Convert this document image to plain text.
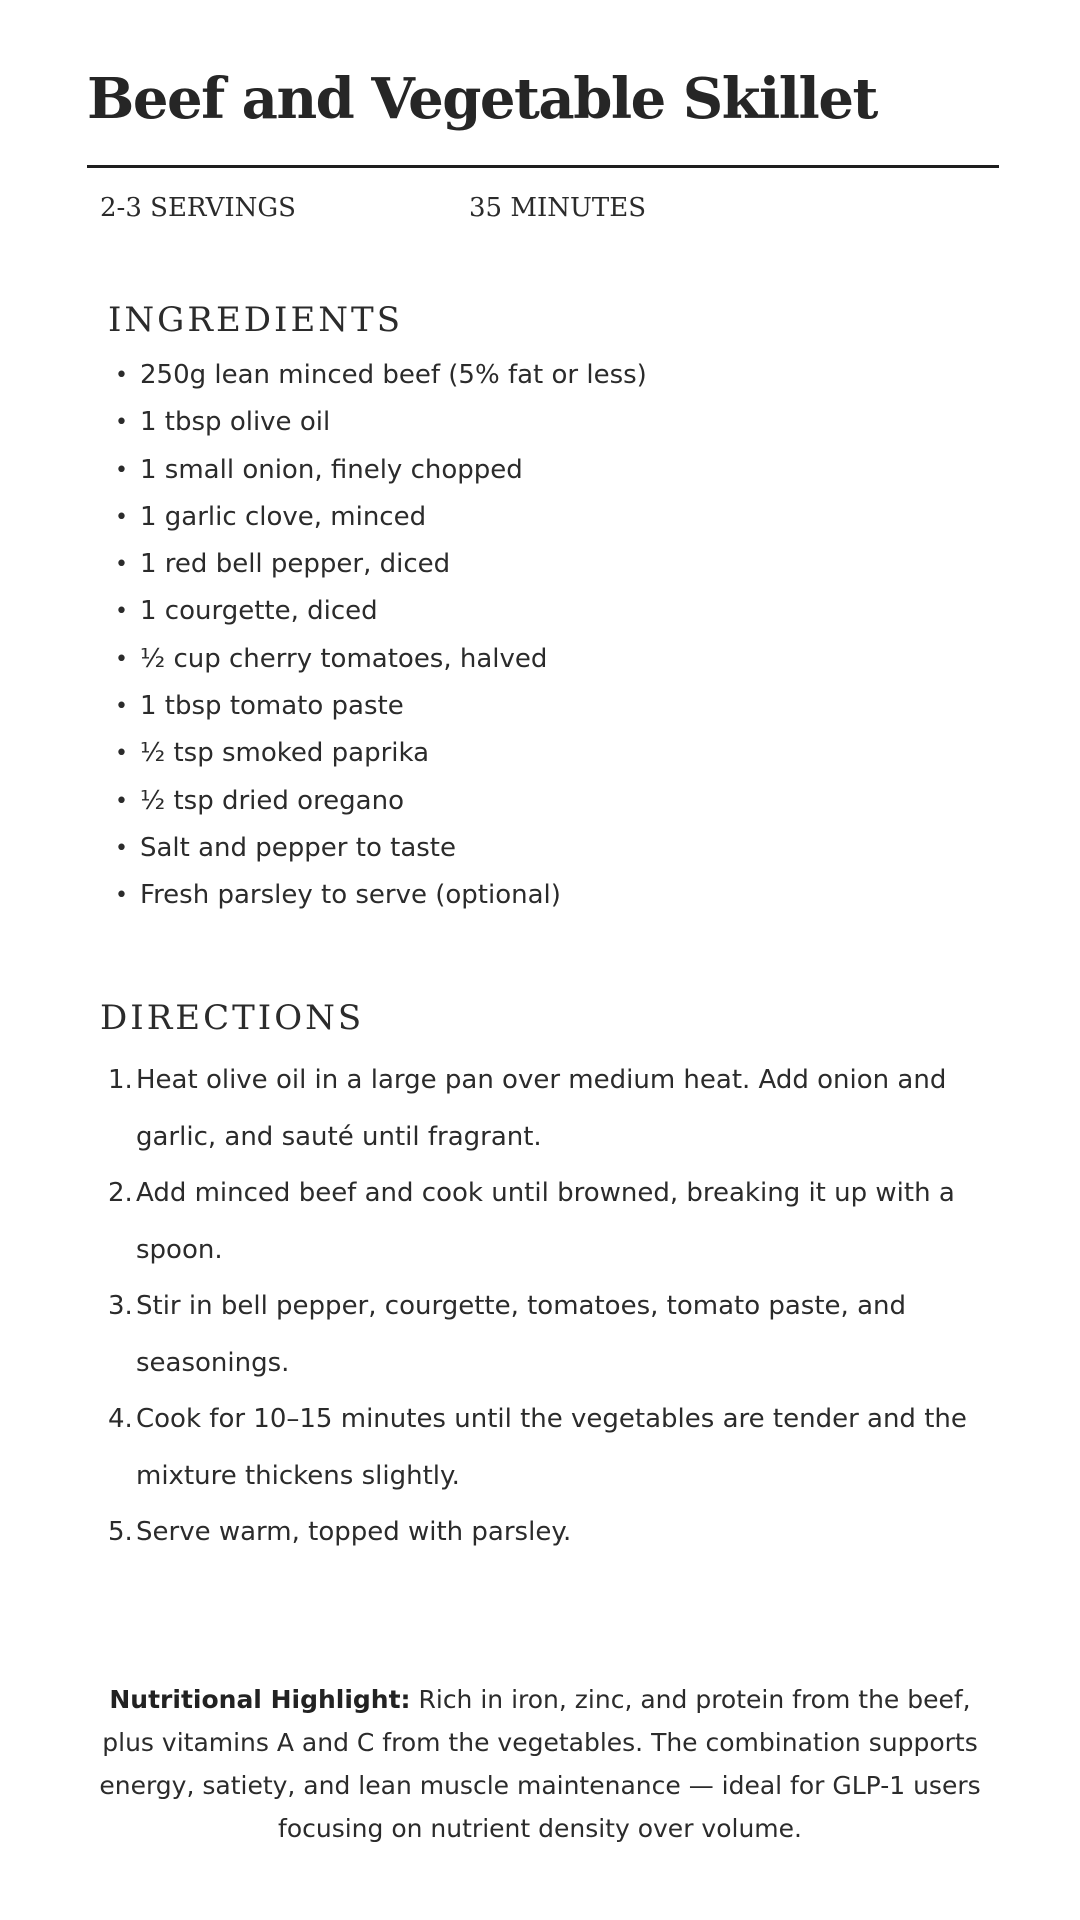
Beef and Vegetable Skillet
2-3 SERVINGS	35 MINUTES
INGREDIENTS
• 250g lean minced beef (5% fat or less)
• 1 tbsp olive oil
• 1 small onion, finely chopped
• 1 garlic clove, minced
• 1 red bell pepper, diced
• 1 courgette, diced
• ½ cup cherry tomatoes, halved
• 1 tbsp tomato paste
• ½ tsp smoked paprika
• ½ tsp dried oregano
• Salt and pepper to taste
• Fresh parsley to serve (optional)
DIRECTIONS
1. Heat olive oil in a large pan over medium heat. Add onion and garlic, and sauté until fragrant.
2. Add minced beef and cook until browned, breaking it up with a spoon.
3. Stir in bell pepper, courgette, tomatoes, tomato paste, and seasonings.
4. Cook for 10–15 minutes until the vegetables are tender and the mixture thickens slightly.
5. Serve warm, topped with parsley.

Nutritional Highlight: Rich in iron, zinc, and protein from the beef, plus vitamins A and C from the vegetables. The combination supports energy, satiety, and lean muscle maintenance — ideal for GLP-1 users focusing on nutrient density over volume.
